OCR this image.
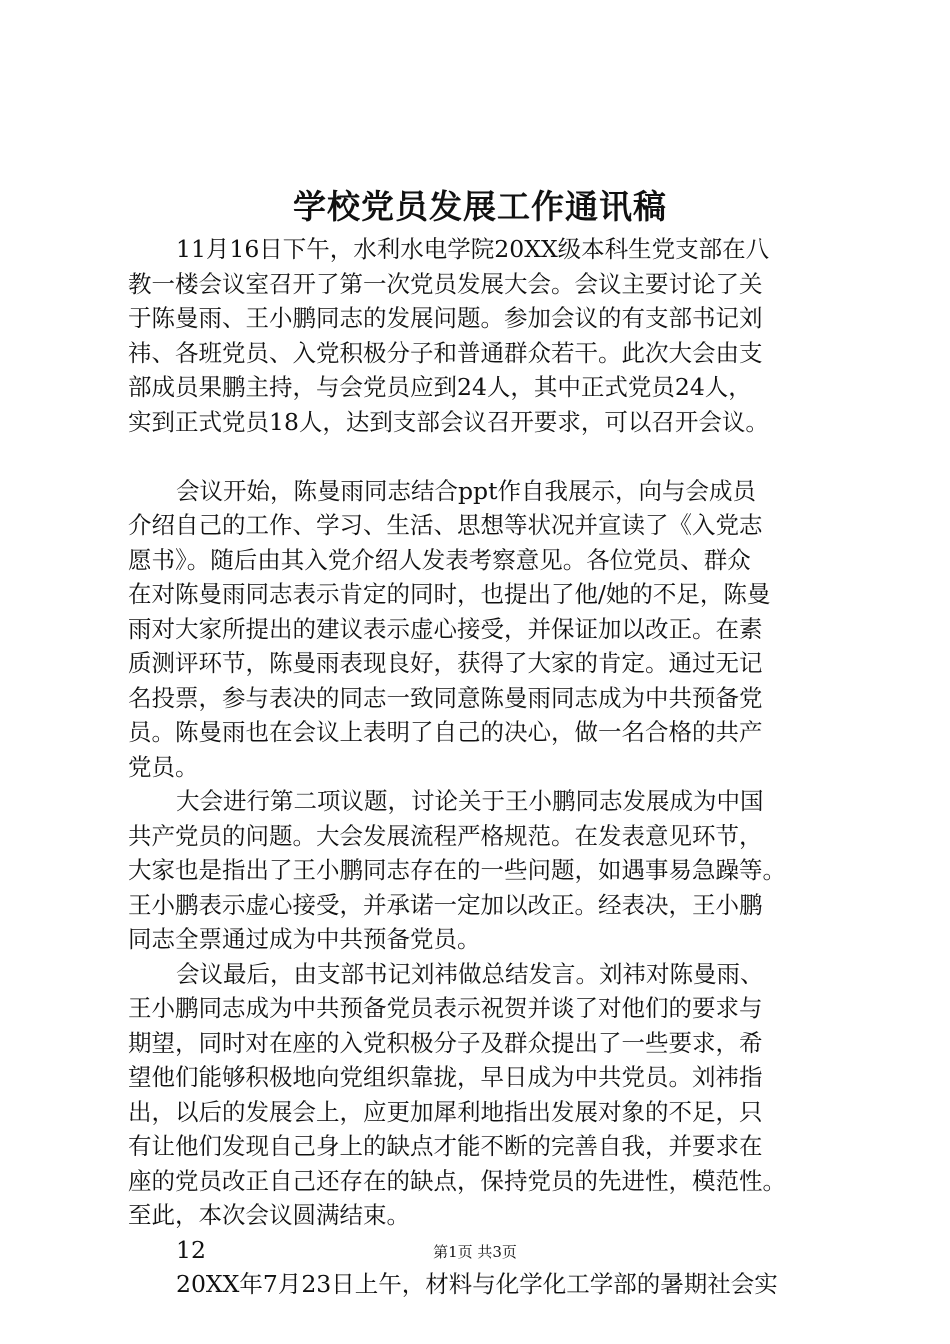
学校党员发展工作通讯稿
11月16日下午，水利水电学院20XX级本科生党支部在八
教一楼会议室召开了第一次党员发展大会。会议主要讨论了关
于陈曼雨、王小鹏同志的发展问题。参加会议的有支部书记刘
祎、各班党员、入党积极分子和普通群众若干。此次大会由支
部成员果鹏主持，与会党员应到24人，其中正式党员24人，
实到正式党员18人，达到支部会议召开要求，可以召开会议。
会议开始，陈曼雨同志结合ppt作自我展示，向与会成员
介绍自己的工作、学习、生活、思想等状况并宣读了《入党志
愿书》。随后由其入党介绍人发表考察意见。各位党员、群众
在对陈曼雨同志表示肯定的同时，也提出了他/她的不足，陈曼
雨对大家所提出的建议表示虚心接受，并保证加以改正。在素
质测评环节，陈曼雨表现良好，获得了大家的肯定。通过无记
名投票，参与表决的同志一致同意陈曼雨同志成为中共预备党
员。陈曼雨也在会议上表明了自己的决心，做一名合格的共产
党员。
大会进行第二项议题，讨论关于王小鹏同志发展成为中国
共产党员的问题。大会发展流程严格规范。在发表意见环节，
大家也是指出了王小鹏同志存在的一些问题，如遇事易急躁等。
王小鹏表示虚心接受，并承诺一定加以改正。经表决，王小鹏
同志全票通过成为中共预备党员。
会议最后，由支部书记刘祎做总结发言。刘祎对陈曼雨、
王小鹏同志成为中共预备党员表示祝贺并谈了对他们的要求与
期望，同时对在座的入党积极分子及群众提出了一些要求，希
望他们能够积极地向党组织靠拢，早日成为中共党员。刘祎指
出，以后的发展会上，应更加犀利地指出发展对象的不足，只
有让他们发现自己身上的缺点才能不断的完善自我，并要求在
座的党员改正自己还存在的缺点，保持党员的先进性，模范性。
至此，本次会议圆满结束。
12
20XX年7月23日上午，材料与化学化工学部的暑期社会实
第1页 共3页
